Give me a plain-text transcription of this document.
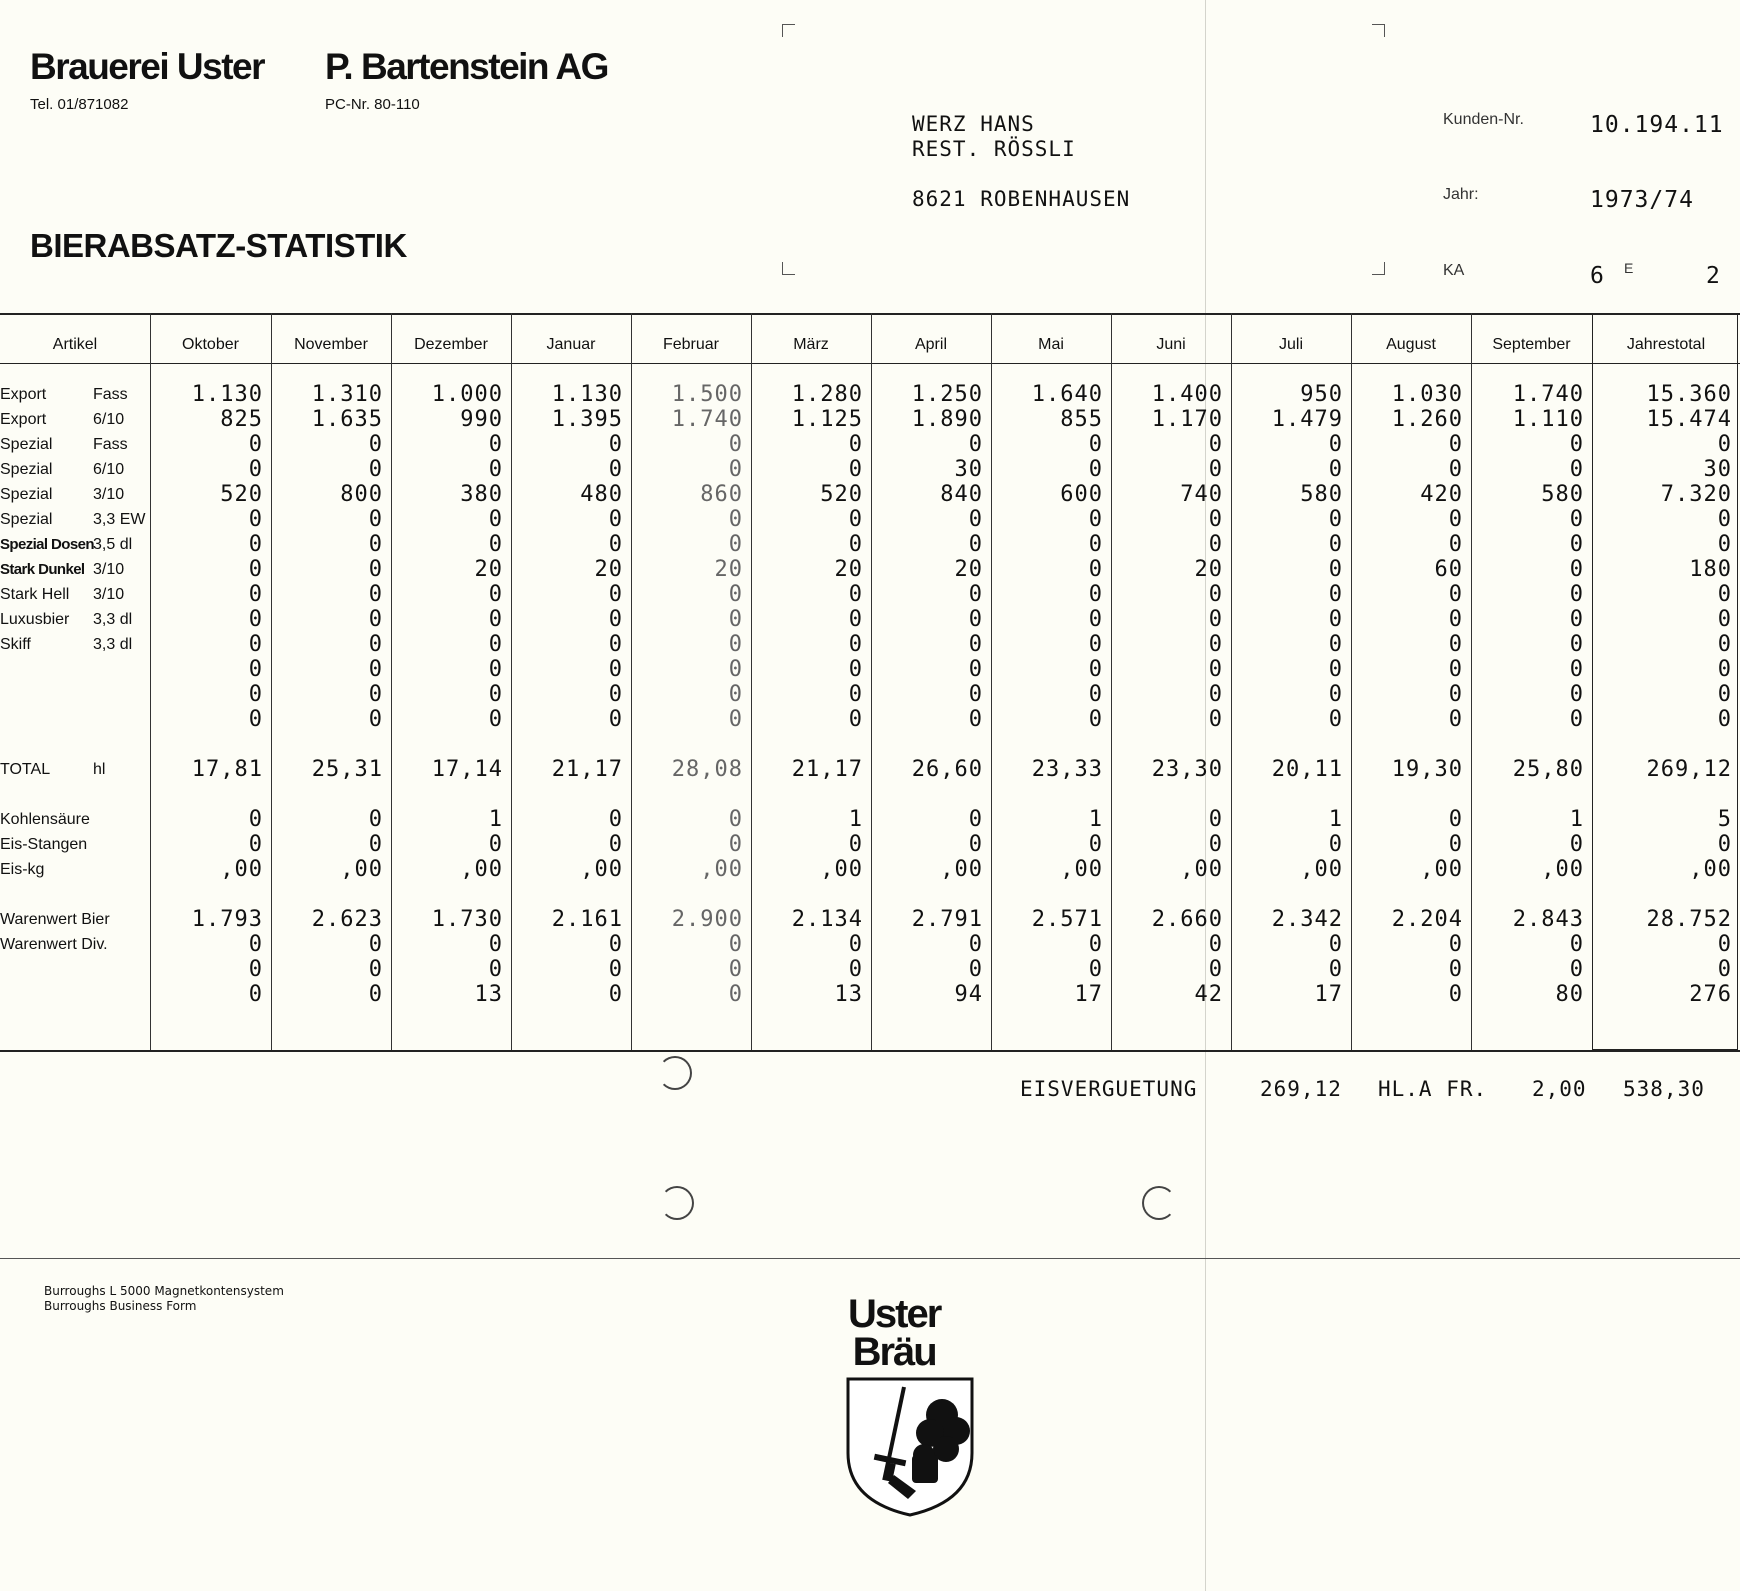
Brauerei Uster P. Bartenstein AG
Tel. 01/871082	PC-Nr. 80-110
BIERABSATZ-STATISTIK
WERZ HANS
REST. RÖSSLI
8621 ROBENHAUSEN
Kunden-Nr.	10.194.11
Jahr:	1973/74
KA	6 E	2
Artikel	Oktober	November	Dezember	Januar	Februar	März	April	Mai	Juni	Juli	August	September	Jahrestotal
Export	Fass	1.130	1.310	1.000	1.130	1.500	1.280	1.250	1.640	1.400	950	1.030	1.740	15.360
Export	6/10	825	1.635	990	1.395	1.740	1.125	1.890	855	1.170	1.479	1.260	1.110	15.474
Spezial	Fass	0	0	0	0	0	0	0	0	0	0	0	0	0
Spezial	6/10	0	0	0	0	0	0	30	0	0	0	0	0	30
Spezial	3/10	520	800	380	480	860	520	840	600	740	580	420	580	7.320
Spezial	3,3 EW	0	0	0	0	0	0	0	0	0	0	0	0	0
Spezial Dosen 3,5 dl	0	0	0	0	0	0	0	0	0	0	0	0	0
Stark Dunkel 3/10	0	0	20	20	20	20	20	0	20	0	60	0	180
Stark Hell 3/10	0	0	0	0	0	0	0	0	0	0	0	0	0
Luxusbier 3,3 dl	0	0	0	0	0	0	0	0	0	0	0	0	0
Skiff	3,3 dl	0	0	0	0	0	0	0	0	0	0	0	0	0
0	0	0	0	0	0	0	0	0	0	0	0	0
0	0	0	0	0	0	0	0	0	0	0	0	0
0	0	0	0	0	0	0	0	0	0	0	0	0
TOTAL	hl	17,81	25,31	17,14	21,17	28,08	21,17	26,60	23,33	23,30	20,11	19,30	25,80	269,12
Kohlensäure	0	0	1	0	0	1	0	1	0	1	0	1	5
Eis-Stangen	0	0	0	0	0	0	0	0	0	0	0	0	0
Eis-kg	,00	,00	,00	,00	,00	,00	,00	,00	,00	,00	,00	,00	,00
Warenwert Bier	1.793	2.623	1.730	2.161	2.900	2.134	2.791	2.571	2.660	2.342	2.204	2.843	28.752
Warenwert Div.	0	0	0	0	0	0	0	0	0	0	0	0	0
0	0	0	0	0	0	0	0	0	0	0	0	0
0	0	13	0	0	13	94	17	42	17	0	80	276
EISVERGUETUNG	269,12 HL.A FR. 2,00 538,30
Burroughs L 5000 Magnetkontensystem
Burroughs Business Form	Uster
Bräu
